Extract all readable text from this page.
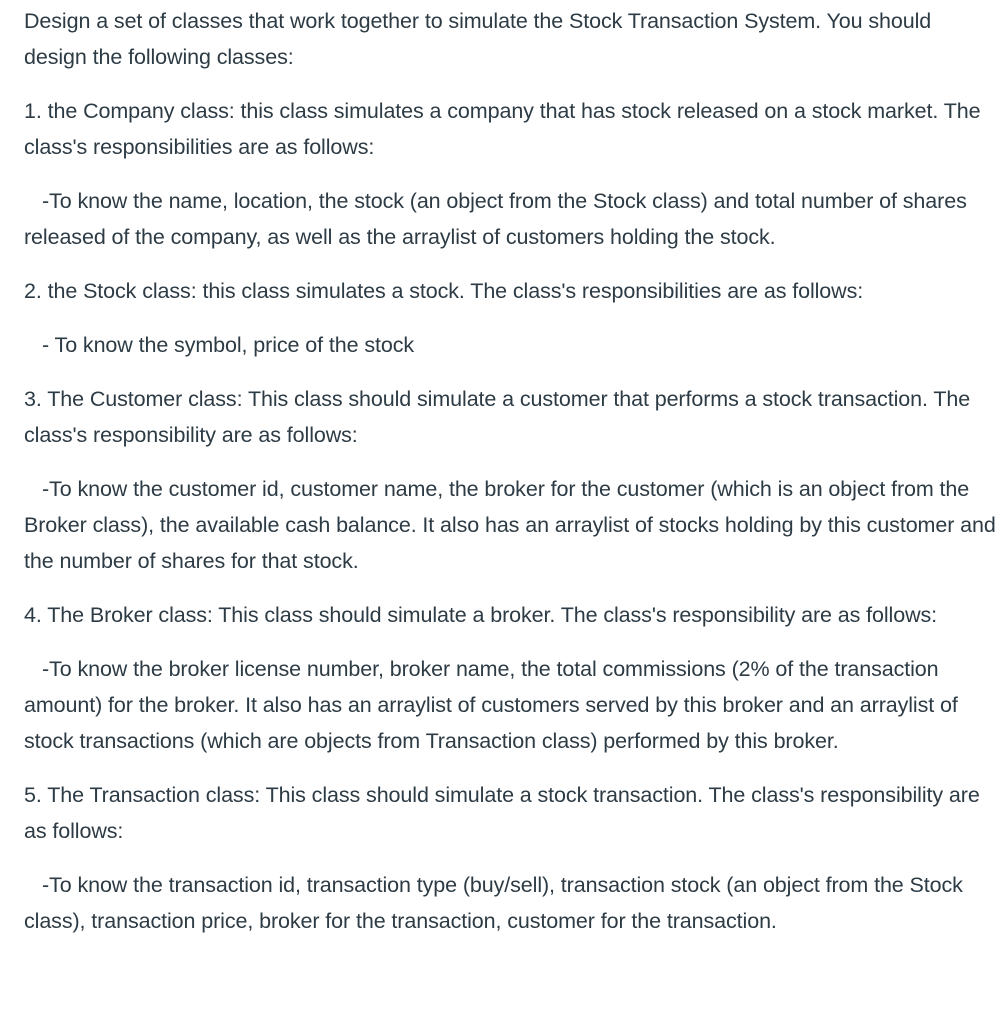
Design a set of classes that work together to simulate the Stock Transaction System. You should design the following classes:

1. the Company class: this class simulates a company that has stock released on a stock market. The class's responsibilities are as follows:

-To know the name, location, the stock (an object from the Stock class) and total number of shares released of the company, as well as the arraylist of customers holding the stock.

2. the Stock class: this class simulates a stock. The class's responsibilities are as follows:

- To know the symbol, price of the stock

3. The Customer class: This class should simulate a customer that performs a stock transaction. The class's responsibility are as follows:

-To know the customer id, customer name, the broker for the customer (which is an object from the Broker class), the available cash balance. It also has an arraylist of stocks holding by this customer and the number of shares for that stock.

4. The Broker class: This class should simulate a broker. The class's responsibility are as follows:

-To know the broker license number, broker name, the total commissions (2% of the transaction amount) for the broker. It also has an arraylist of customers served by this broker and an arraylist of stock transactions (which are objects from Transaction class) performed by this broker.

5. The Transaction class: This class should simulate a stock transaction. The class's responsibility are as follows:

-To know the transaction id, transaction type (buy/sell), transaction stock (an object from the Stock class), transaction price, broker for the transaction, customer for the transaction.
